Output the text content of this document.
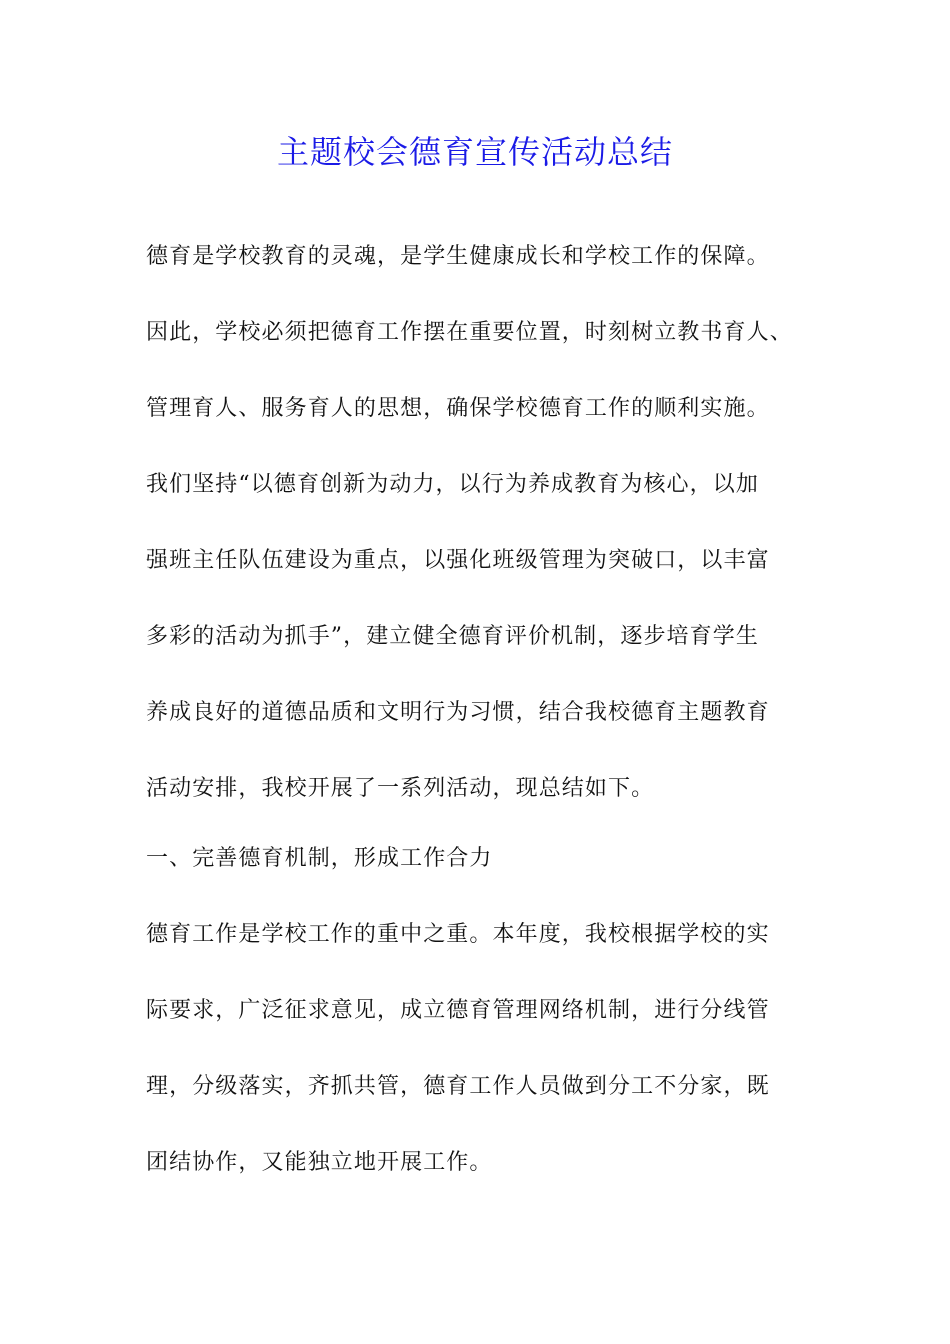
主题校会德育宣传活动总结
德育是学校教育的灵魂，是学生健康成长和学校工作的保障。
因此，学校必须把德育工作摆在重要位置，时刻树立教书育人、
管理育人、服务育人的思想，确保学校德育工作的顺利实施。
我们坚持“以德育创新为动力，以行为养成教育为核心，以加
强班主任队伍建设为重点，以强化班级管理为突破口，以丰富
多彩的活动为抓手”，建立健全德育评价机制，逐步培育学生
养成良好的道德品质和文明行为习惯，结合我校德育主题教育
活动安排，我校开展了一系列活动，现总结如下。
一、完善德育机制，形成工作合力
德育工作是学校工作的重中之重。本年度，我校根据学校的实
际要求，广泛征求意见，成立德育管理网络机制，进行分线管
理，分级落实，齐抓共管，德育工作人员做到分工不分家，既
团结协作，又能独立地开展工作。
